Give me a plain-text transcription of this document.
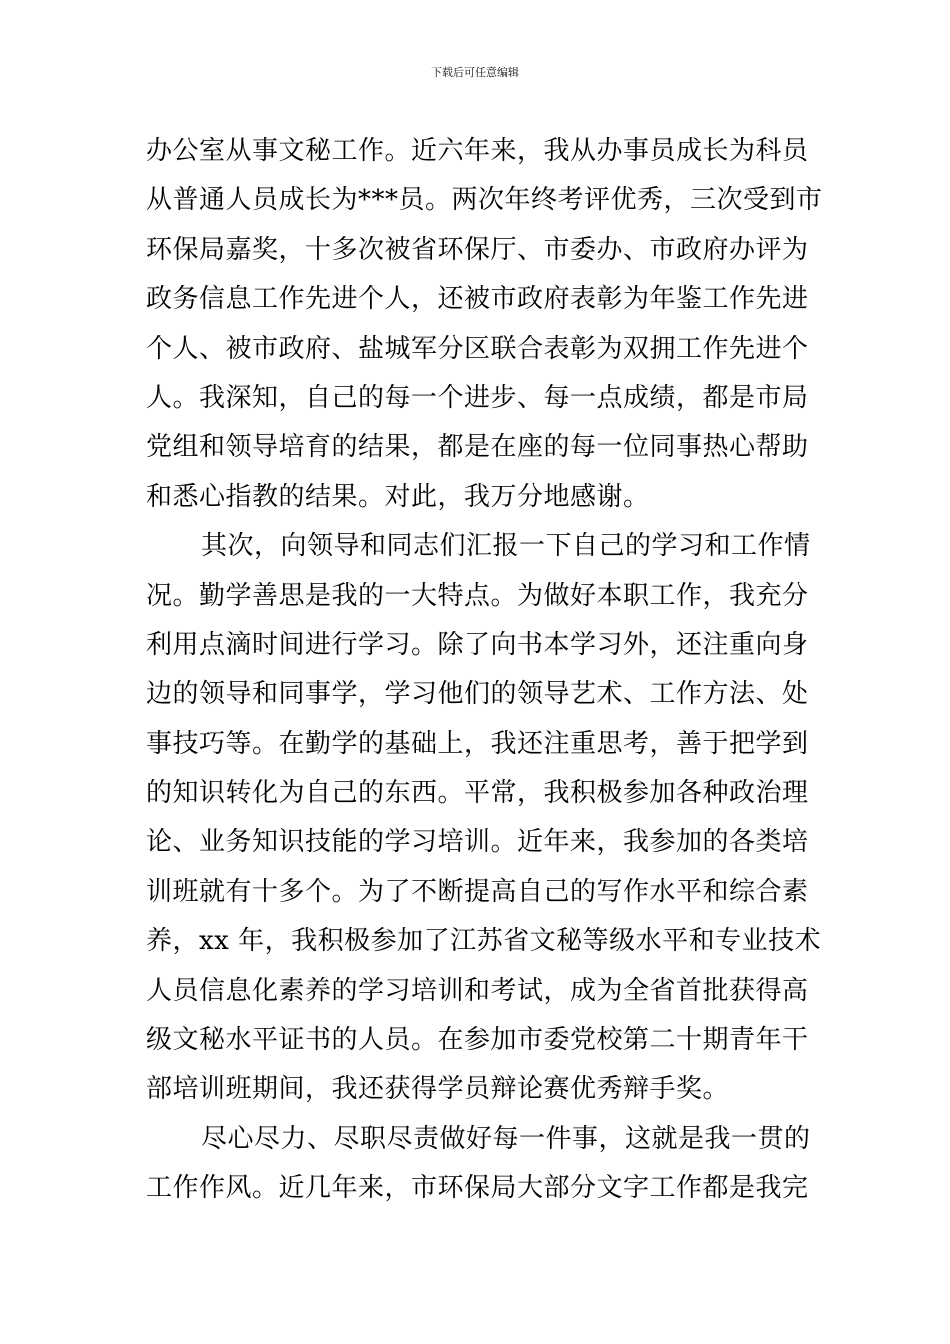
下载后可任意编辑
办公室从事文秘工作。近六年来，我从办事员成长为科员
从普通人员成长为***员。两次年终考评优秀，三次受到市
环保局嘉奖，十多次被省环保厅、市委办、市政府办评为
政务信息工作先进个人，还被市政府表彰为年鉴工作先进
个人、被市政府、盐城军分区联合表彰为双拥工作先进个
人。我深知，自己的每一个进步、每一点成绩，都是市局
党组和领导培育的结果，都是在座的每一位同事热心帮助
和悉心指教的结果。对此，我万分地感谢。
其次，向领导和同志们汇报一下自己的学习和工作情
况。勤学善思是我的一大特点。为做好本职工作，我充分
利用点滴时间进行学习。除了向书本学习外，还注重向身
边的领导和同事学，学习他们的领导艺术、工作方法、处
事技巧等。在勤学的基础上，我还注重思考，善于把学到
的知识转化为自己的东西。平常，我积极参加各种政治理
论、业务知识技能的学习培训。近年来，我参加的各类培
训班就有十多个。为了不断提高自己的写作水平和综合素
养，xx 年，我积极参加了江苏省文秘等级水平和专业技术
人员信息化素养的学习培训和考试，成为全省首批获得高
级文秘水平证书的人员。在参加市委党校第二十期青年干
部培训班期间，我还获得学员辩论赛优秀辩手奖。
尽心尽力、尽职尽责做好每一件事，这就是我一贯的
工作作风。近几年来，市环保局大部分文字工作都是我完
